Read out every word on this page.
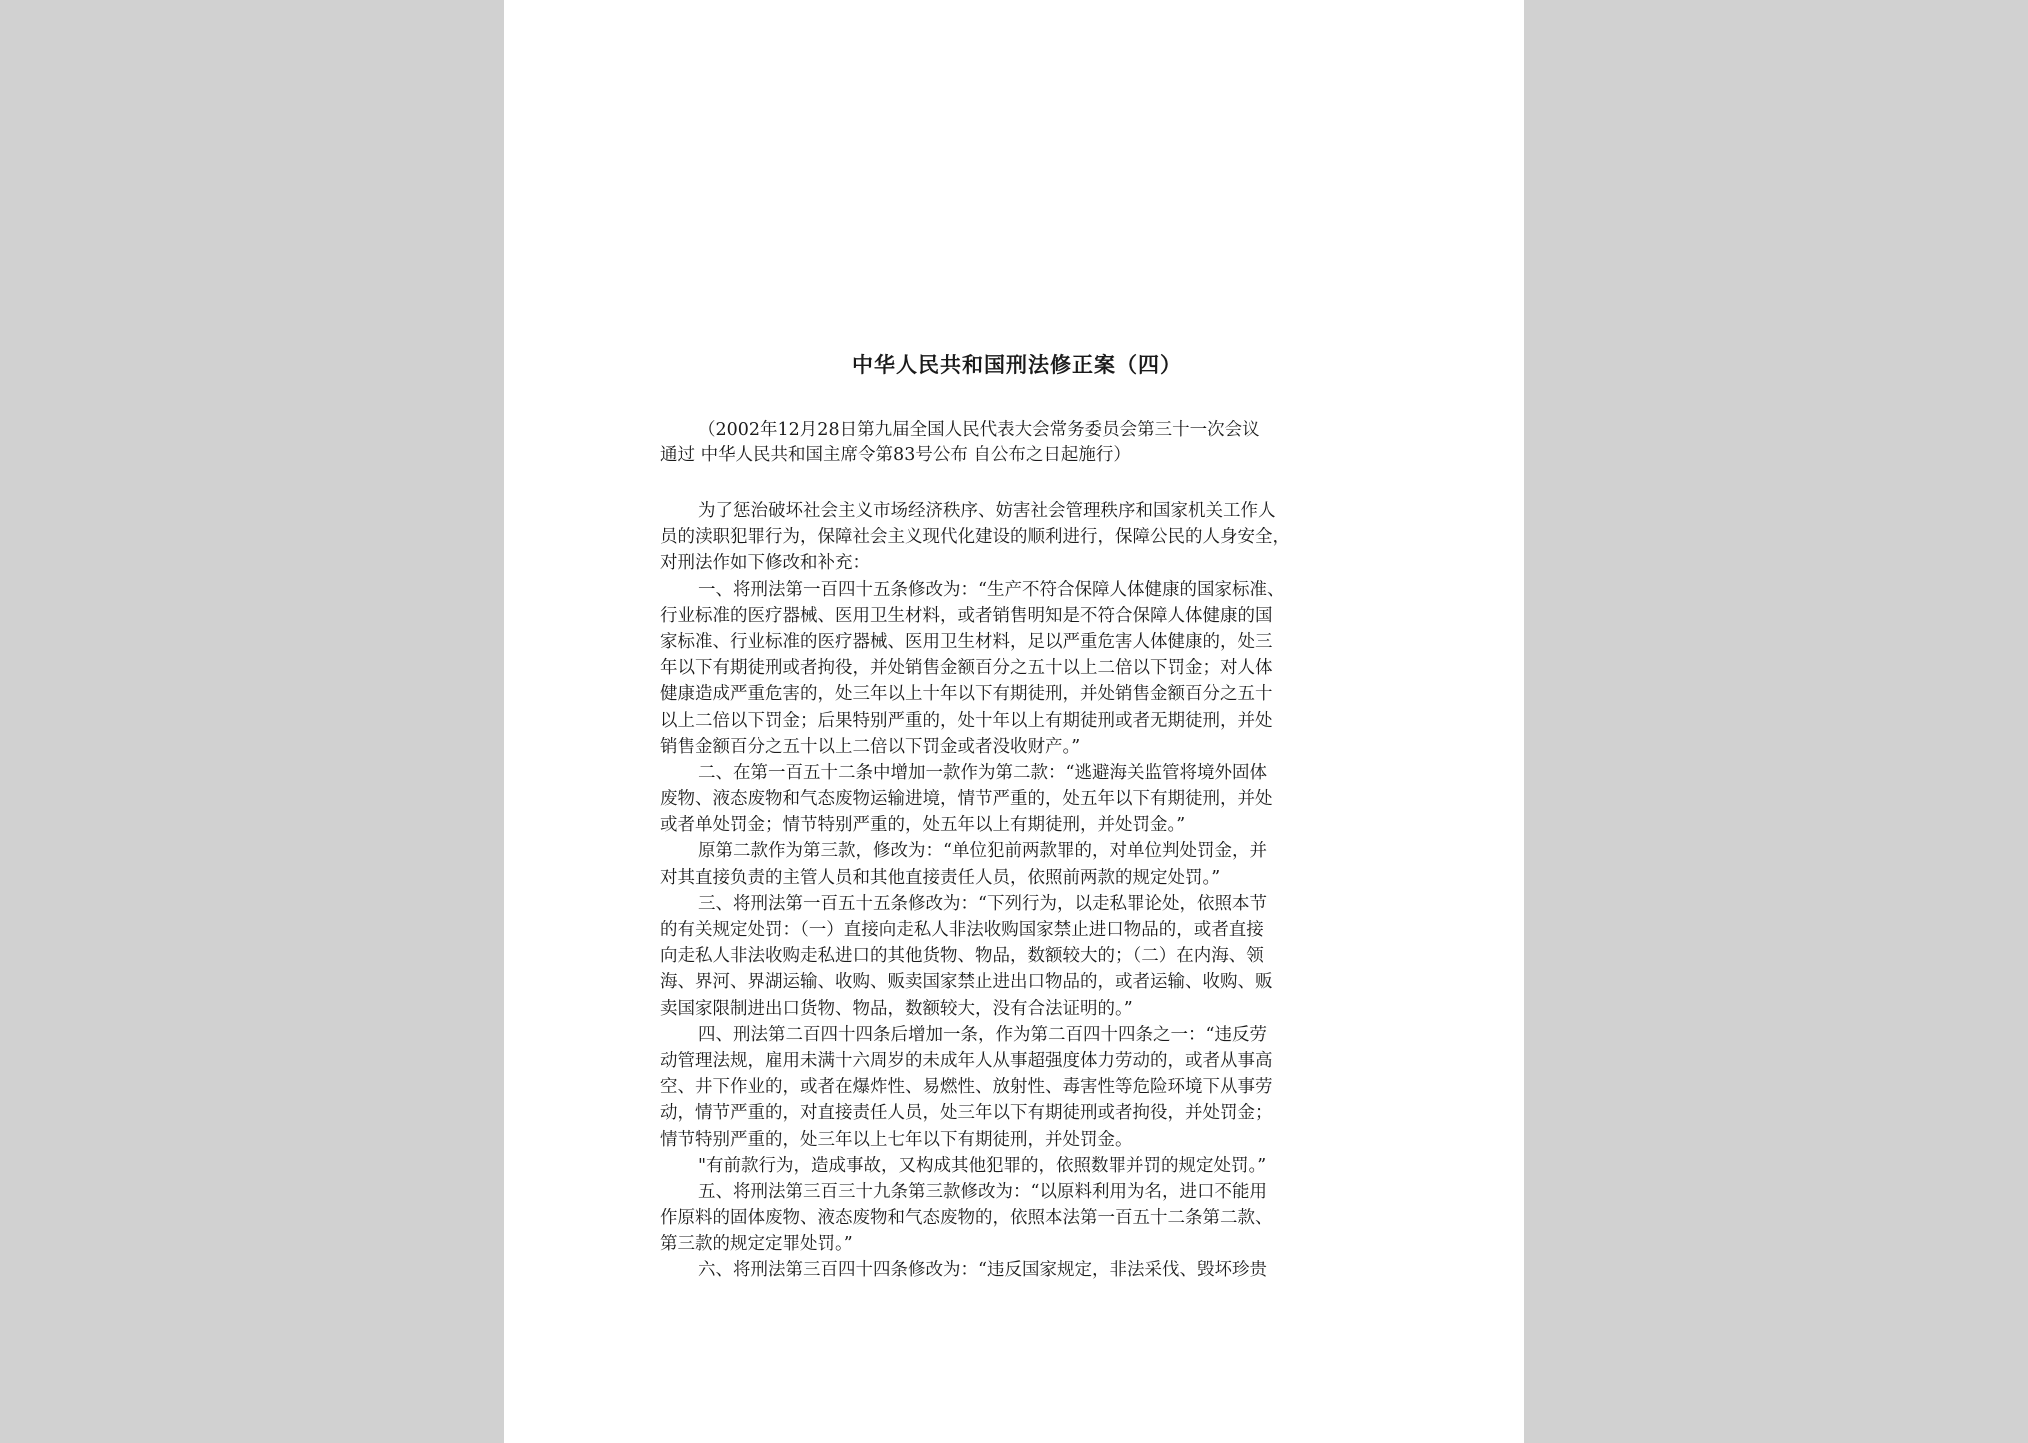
中华人民共和国刑法修正案（四）
（2002年12月28日第九届全国人民代表大会常务委员会第三十一次会议
通过 中华人民共和国主席令第83号公布 自公布之日起施行）
为了惩治破坏社会主义市场经济秩序、妨害社会管理秩序和国家机关工作人
员的渎职犯罪行为，保障社会主义现代化建设的顺利进行，保障公民的人身安全，
对刑法作如下修改和补充：
一、将刑法第一百四十五条修改为：“生产不符合保障人体健康的国家标准、
行业标准的医疗器械、医用卫生材料，或者销售明知是不符合保障人体健康的国
家标准、行业标准的医疗器械、医用卫生材料，足以严重危害人体健康的，处三
年以下有期徒刑或者拘役，并处销售金额百分之五十以上二倍以下罚金；对人体
健康造成严重危害的，处三年以上十年以下有期徒刑，并处销售金额百分之五十
以上二倍以下罚金；后果特别严重的，处十年以上有期徒刑或者无期徒刑，并处
销售金额百分之五十以上二倍以下罚金或者没收财产。”
二、在第一百五十二条中增加一款作为第二款：“逃避海关监管将境外固体
废物、液态废物和气态废物运输进境，情节严重的，处五年以下有期徒刑，并处
或者单处罚金；情节特别严重的，处五年以上有期徒刑，并处罚金。”
原第二款作为第三款，修改为：“单位犯前两款罪的，对单位判处罚金，并
对其直接负责的主管人员和其他直接责任人员，依照前两款的规定处罚。”
三、将刑法第一百五十五条修改为：“下列行为，以走私罪论处，依照本节
的有关规定处罚：（一）直接向走私人非法收购国家禁止进口物品的，或者直接
向走私人非法收购走私进口的其他货物、物品，数额较大的；（二）在内海、领
海、界河、界湖运输、收购、贩卖国家禁止进出口物品的，或者运输、收购、贩
卖国家限制进出口货物、物品，数额较大，没有合法证明的。”
四、刑法第二百四十四条后增加一条，作为第二百四十四条之一：“违反劳
动管理法规，雇用未满十六周岁的未成年人从事超强度体力劳动的，或者从事高
空、井下作业的，或者在爆炸性、易燃性、放射性、毒害性等危险环境下从事劳
动，情节严重的，对直接责任人员，处三年以下有期徒刑或者拘役，并处罚金；
情节特别严重的，处三年以上七年以下有期徒刑，并处罚金。
"有前款行为，造成事故，又构成其他犯罪的，依照数罪并罚的规定处罚。”
五、将刑法第三百三十九条第三款修改为：“以原料利用为名，进口不能用
作原料的固体废物、液态废物和气态废物的，依照本法第一百五十二条第二款、
第三款的规定定罪处罚。”
六、将刑法第三百四十四条修改为：“违反国家规定，非法采伐、毁坏珍贵
